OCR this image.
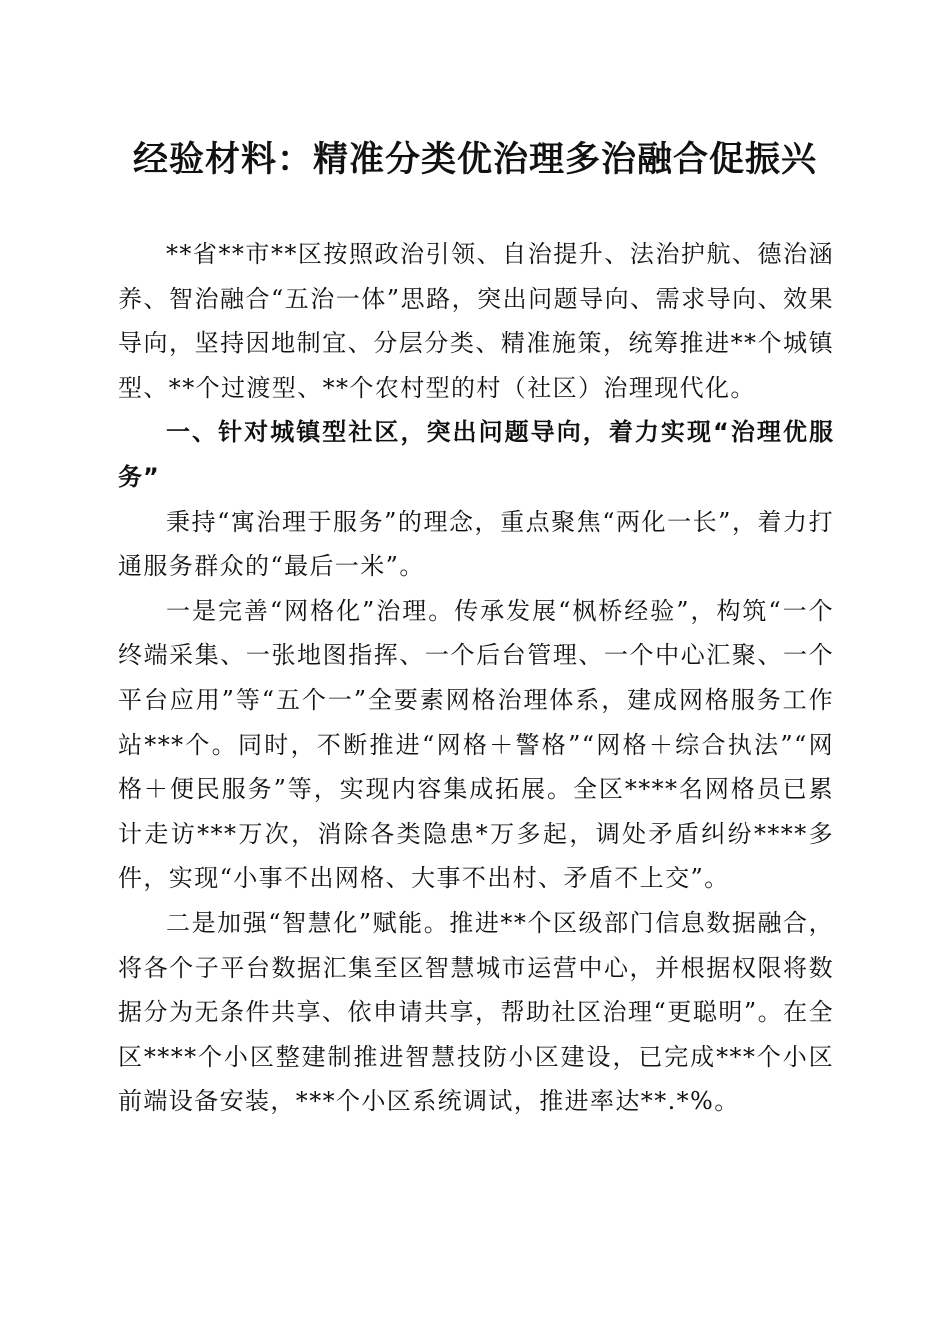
经验材料：精准分类优治理多治融合促振兴

**省**市**区按照政治引领、自治提升、法治护航、德治涵养、智治融合“五治一体”思路，突出问题导向、需求导向、效果导向，坚持因地制宜、分层分类、精准施策，统筹推进**个城镇型、**个过渡型、**个农村型的村（社区）治理现代化。

一、针对城镇型社区，突出问题导向，着力实现“治理优服务”

秉持“寓治理于服务”的理念，重点聚焦“两化一长”，着力打通服务群众的“最后一米”。

一是完善“网格化”治理。传承发展“枫桥经验”，构筑“一个终端采集、一张地图指挥、一个后台管理、一个中心汇聚、一个平台应用”等“五个一”全要素网格治理体系，建成网格服务工作站***个。同时，不断推进“网格＋警格”“网格＋综合执法”“网格＋便民服务”等，实现内容集成拓展。全区****名网格员已累计走访***万次，消除各类隐患*万多起，调处矛盾纠纷****多件，实现“小事不出网格、大事不出村、矛盾不上交”。

二是加强“智慧化”赋能。推进**个区级部门信息数据融合，将各个子平台数据汇集至区智慧城市运营中心，并根据权限将数据分为无条件共享、依申请共享，帮助社区治理“更聪明”。在全区****个小区整建制推进智慧技防小区建设，已完成***个小区前端设备安装，***个小区系统调试，推进率达**.*%。
